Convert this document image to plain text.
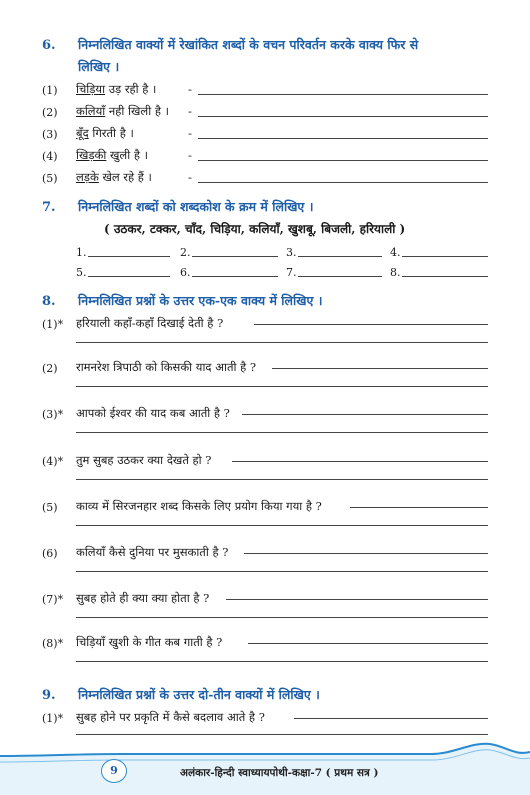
6. निम्नलिखित वाक्यों में रेखांकित शब्दों के वचन परिवर्तन करके वाक्य फिर से
लिखिए ।
(1) चिड़िया उड़ रही है ।	-
(2) कलियाँ नही खिली है । -
(3) बूँद गिरती है ।	-
(4) खिड़की खुली है ।	-
(5) लड़के खेल रहे हैं ।	-
7. निम्नलिखित शब्दों को शब्दकोश के क्रम में लिखिए ।
( उठकर, टक्कर, चाँद, चिड़िया, कलियाँ, खुशबू, बिजली, हरियाली )
1.	2.	3.	4.
5.	6.	7.	8.
8. निम्नलिखित प्रश्नों के उत्तर एक-एक वाक्य में लिखिए ।
(1)* हरियाली कहाँ-कहाँ दिखाई देती है ?
(2) रामनरेश त्रिपाठी को किसकी याद आती है ?
(3)* आपको ईश्वर की याद कब आती है ?
(4)* तुम सुबह उठकर क्या देखते हो ?
(5) काव्य में सिरजनहार शब्द किसके लिए प्रयोग किया गया है ?
(6) कलियाँ कैसे दुनिया पर मुसकाती है ?
(7)* सुबह होते ही क्या क्या होता है ?
(8)* चिड़ियाँ खुशी के गीत कब गाती है ?
9. निम्नलिखित प्रश्नों के उत्तर दो-तीन वाक्यों में लिखिए ।
(1)* सुबह होने पर प्रकृति में कैसे बदलाव आते है ?
9	अलंकार-हिन्दी स्वाध्यायपोथी-कक्षा-7 ( प्रथम सत्र )
